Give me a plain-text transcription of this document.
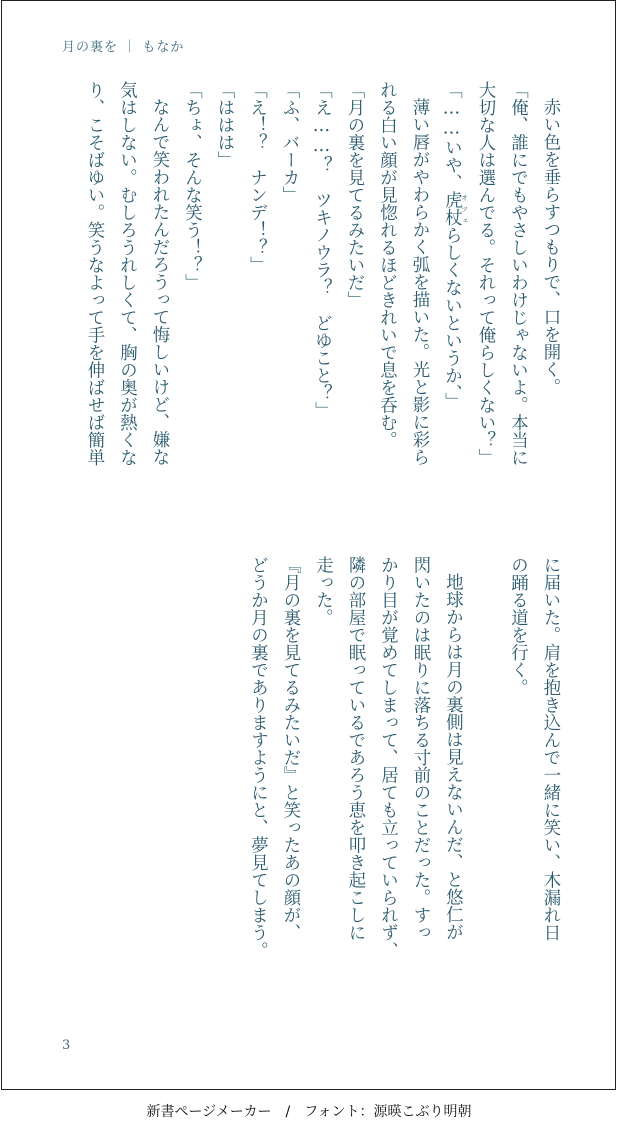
月の裏を ｜ もなか

赤い色を垂らすつもりで、口を開く。

「俺、誰にでもやさしいわけじゃないよ。本当に

大切な人は選んでる。それって俺らしくない？」

「……いや、虎杖 オツェらしくないというか、」

薄い唇がやわらかく弧を描いた。光と影に彩ら

れる白い顔が見惚れるほどきれいで息を呑む。

「月の裏を見てるみたいだ」

「え……？　ツキノウラ？　どゆこと？」

「ふ、バーカ」

「え！？　ナンデ！？」

「ははは」

「ちょ、そんな笑う！？」

なんで笑われたんだろうって悔しいけど、嫌な

気はしない。むしろうれしくて、胸の奥が熱くな

り、こそばゆい。笑うなよって手を伸ばせば簡単

に届いた。肩を抱き込んで一緒に笑い、木漏れ日

の踊る道を行く。

地球からは月の裏側は見えないんだ、と悠仁が

閃いたのは眠りに落ちる寸前のことだった。すっ

かり目が覚めてしまって、居ても立っていられず、

隣の部屋で眠っているであろう恵を叩き起こしに

走った。

『月の裏を見てるみたいだ』と笑ったあの顔が、

どうか月の裏でありますようにと、夢見てしまう。

3
新書ページメーカー　/　フォント：源暎こぶり明朝
